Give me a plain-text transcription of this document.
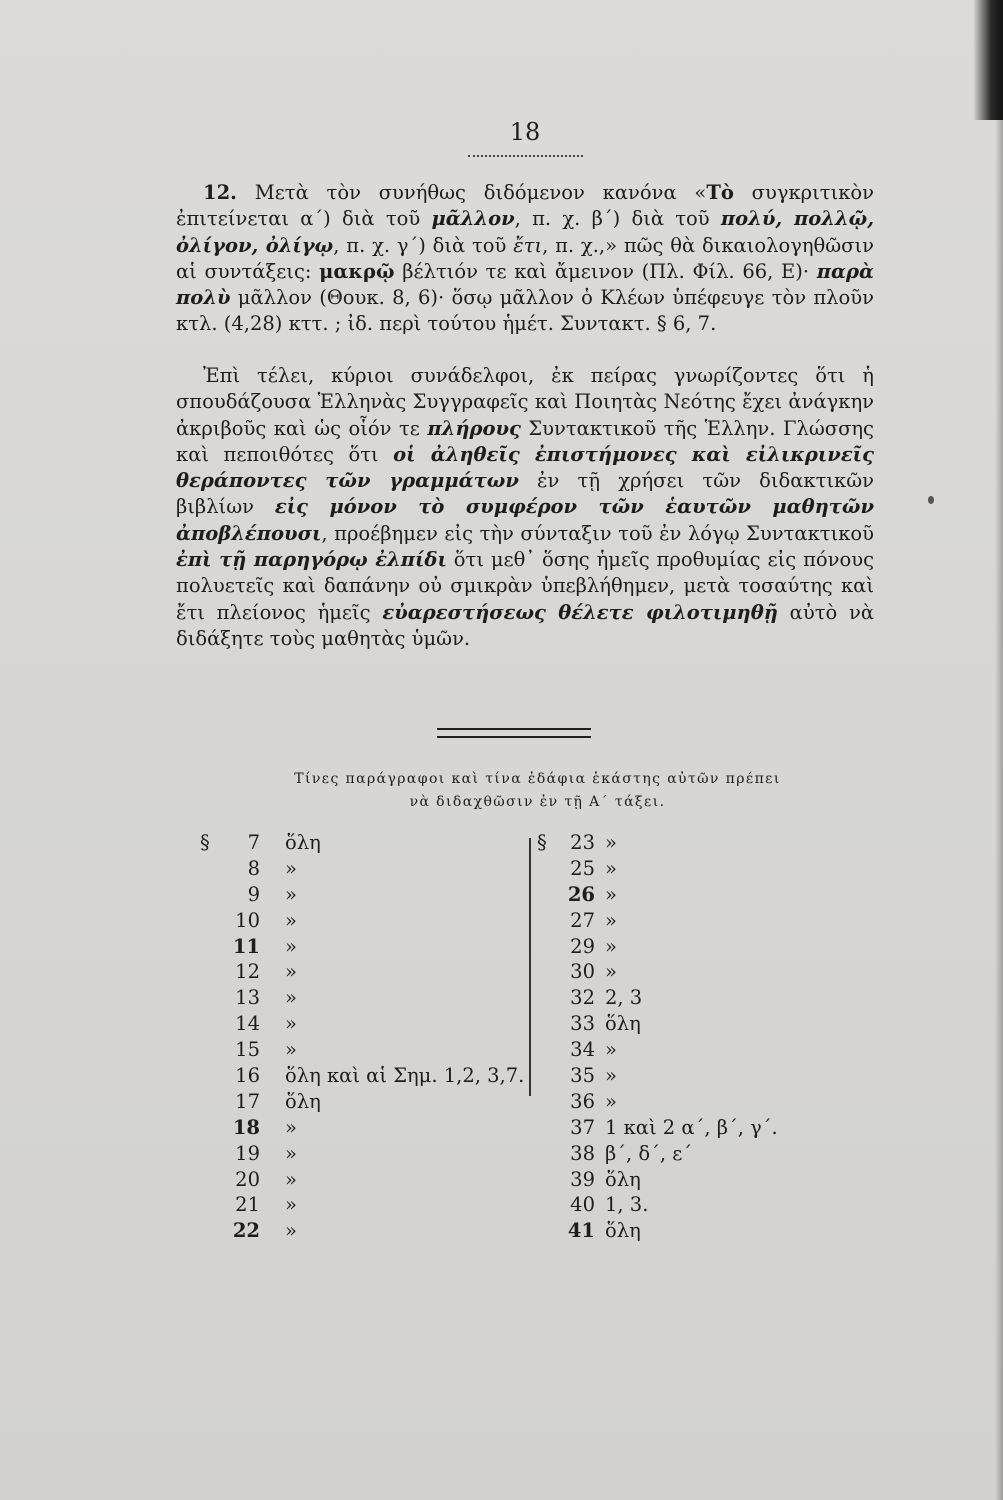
18

12. Μετὰ τὸν συνήθως διδόμενον κανόνα «Τὸ συγκριτικὸν ἐπιτείνεται α΄) διὰ τοῦ μᾶλλον, π. χ. β΄) διὰ τοῦ πολύ, πολλῷ, ὀλίγον, ὀλίγῳ, π. χ. γ΄) διὰ τοῦ ἔτι, π. χ.,» πῶς θὰ δικαιολογηθῶσιν αἱ συντάξεις: μακρῷ βέλτιόν τε καὶ ἄμεινον (Πλ. Φίλ. 66, Ε)· παρὰ πολὺ μᾶλλον (Θουκ. 8, 6)· ὅσῳ μᾶλλον ὁ Κλέων ὑπέφευγε τὸν πλοῦν κτλ. (4,28) κττ. ; ἰδ. περὶ τούτου ἡμέτ. Συντακτ. § 6, 7.

Ἐπὶ τέλει, κύριοι συνάδελφοι, ἐκ πείρας γνωρίζοντες ὅτι ἡ σπουδάζουσα Ἑλληνὰς Συγγραφεῖς καὶ Ποιητὰς Νεότης ἔχει ἀνάγκην ἀκριβοῦς καὶ ὡς οἷόν τε πλήρους Συντακτικοῦ τῆς Ἑλλην. Γλώσσης καὶ πεποιθότες ὅτι οἱ ἀληθεῖς ἐπιστήμονες καὶ εἰλικρινεῖς θεράποντες τῶν γραμμάτων ἐν τῇ χρήσει τῶν διδακτικῶν βιβλίων εἰς μόνον τὸ συμφέρον τῶν ἑαυτῶν μαθητῶν ἀποβλέπουσι, προέβημεν εἰς τὴν σύνταξιν τοῦ ἐν λόγῳ Συντακτικοῦ ἐπὶ τῇ παρηγόρῳ ἐλπίδι ὅτι μεθ᾽ ὅσης ἡμεῖς προθυμίας εἰς πόνους πολυετεῖς καὶ δαπάνην οὐ σμικρὰν ὑπεβλήθημεν, μετὰ τοσαύτης καὶ ἔτι πλείονος ἡμεῖς εὐαρεστήσεως θέλετε φιλοτιμηθῇ αὐτὸ νὰ διδάξητε τοὺς μαθητὰς ὑμῶν.

Τίνες παράγραφοι καὶ τίνα ἐδάφια ἑκάστης αὐτῶν πρέπει
νὰ διδαχθῶσιν ἐν τῇ Α΄ τάξει.
§	7 ὅλη
8 »
9 »
10 »
11 »
12 »
13 »
14 »
15 »
16 ὅλη καὶ αἱ Σημ. 1,2, 3,7.
17 ὅλη
18 »
19 »
20 »
21 »
22 »
§	23 »
25 »
26 »
27 »
29 »
30 »
32 2, 3
33 ὅλη
34 »
35 »
36 »
37 1 καὶ 2 α΄, β΄, γ΄.
38 β΄, δ΄, ε΄
39 ὅλη
40 1, 3.
41 ὅλη
